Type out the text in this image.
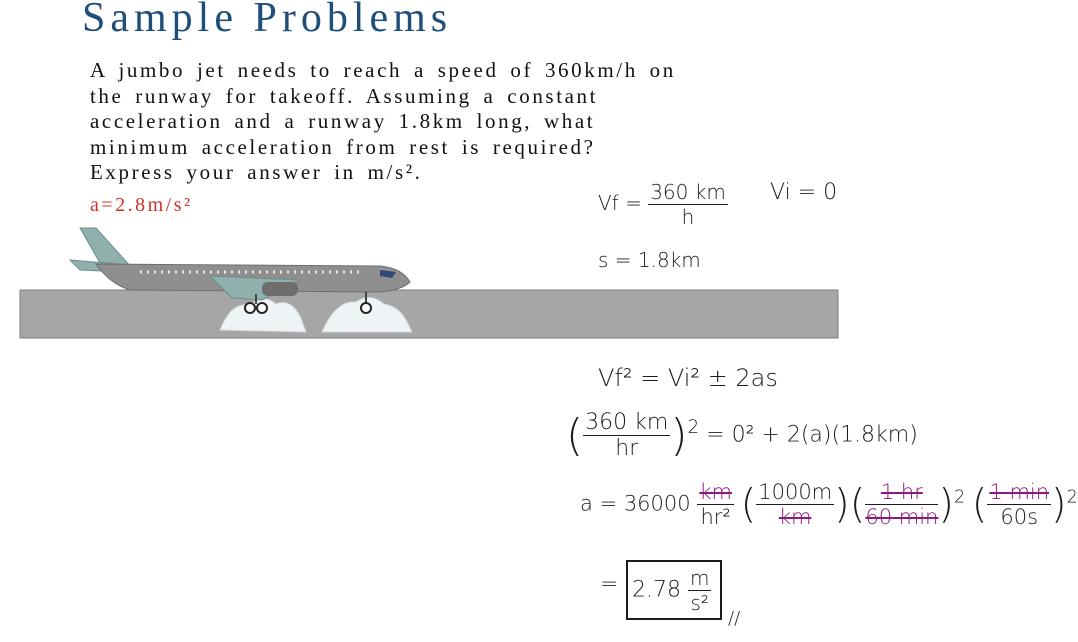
Sample Problems
A jumbo jet needs to reach a speed of 360km/h on
the runway for takeoff. Assuming a constant
acceleration and a runway 1.8km long, what
minimum acceleration from rest is required?
Express your answer in m/s².
a=2.8m/s²	$Vf = \frac{360 km}{h}$ Vi = 0
s = 1.8km
Vf² = Vi² ± 2as
( $\frac{360 km}{hr} )^2 = 0^2 + 2(a)(1.8km)$
$a = 36000 \frac{km}{\text{hr²}}$ ( $\frac{1000m}{km}$ )( $\frac{1 hr}{60 \min} )^2$ ( $\frac{1 \min}{60s} )^2$
= $2.78 \frac{m}{\text{s²}}$
//
